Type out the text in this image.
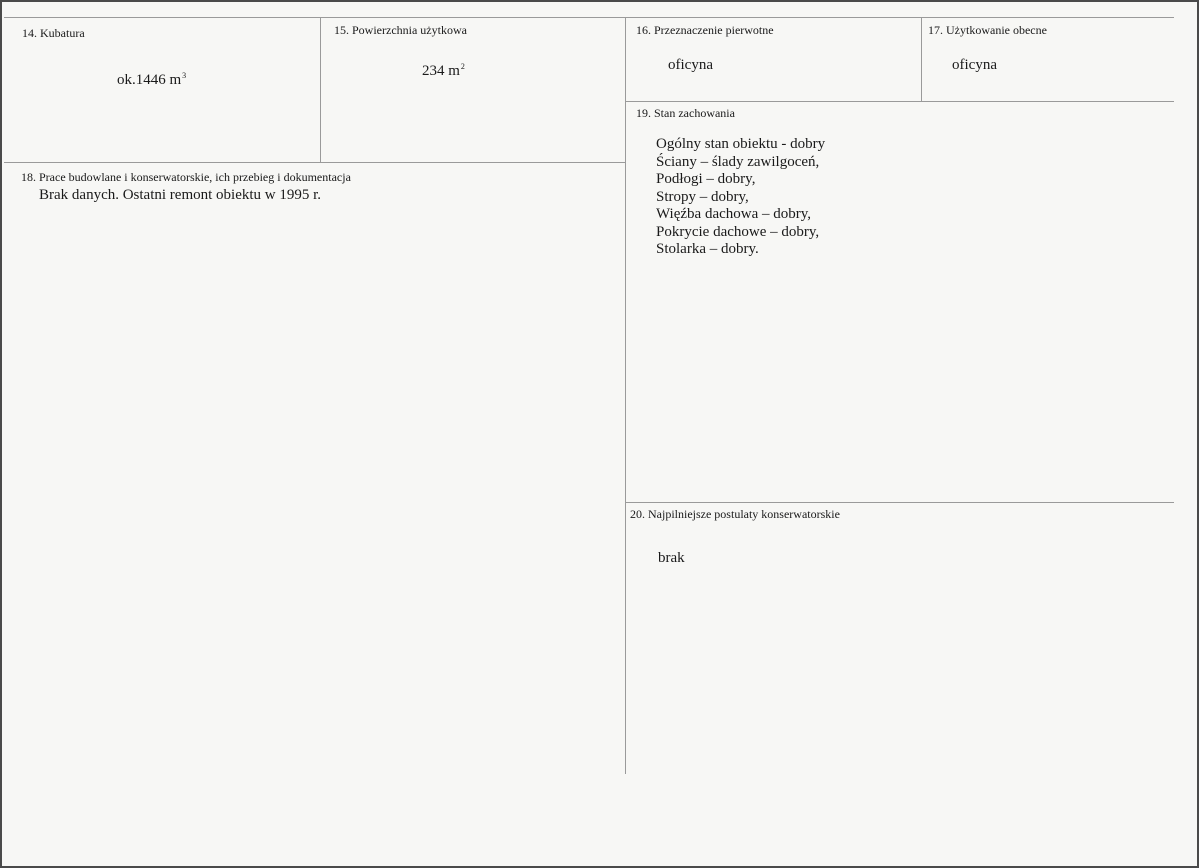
14. Kubatura
ok.1446 $m^3$
15. Powierzchnia użytkowa
234 $m^2$
16. Przeznaczenie pierwotne
oficyna
17. Użytkowanie obecne
oficyna
18. Prace budowlane i konserwatorskie, ich przebieg i dokumentacja
Brak danych. Ostatni remont obiektu w 1995 r.
19. Stan zachowania
Ogólny stan obiektu - dobry
Ściany – ślady zawilgoceń,
Podłogi – dobry,
Stropy – dobry,
Więźba dachowa – dobry,
Pokrycie dachowe – dobry,
Stolarka – dobry.
20. Najpilniejsze postulaty konserwatorskie
brak
